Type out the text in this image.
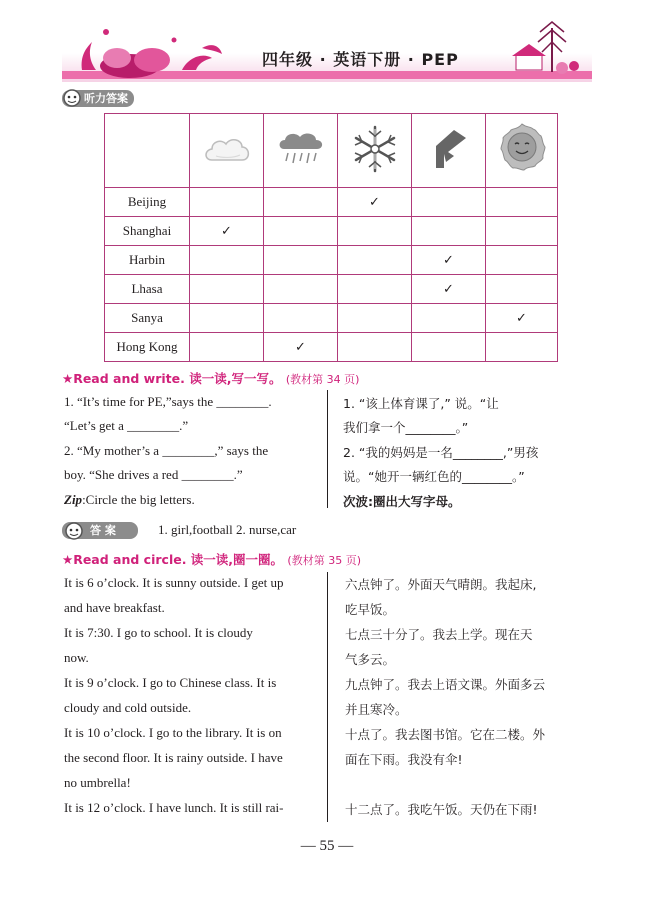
四年级 · 英语下册 · PEP
听力答案

Beijing			✓		
Shanghai	✓				
Harbin				✓	
Lhasa				✓	
Sanya					✓
Hong Kong		✓			
★Read and write. 读一读,写一写。 (教材第 34 页)
1. “It’s time for PE,”says the ________.
“Let’s get a ________.”
2. “My mother’s a ________,” says the
boy. “She drives a red ________.”
Zip:Circle the big letters.
1. “该上体育课了,” 说。“让
我们拿一个________。”
2. “我的妈妈是一名________,”男孩
说。“她开一辆红色的________。”
次波:圈出大写字母。
答 案	1. girl,football 2. nurse,car
★Read and circle. 读一读,圈一圈。 (教材第 35 页)
It is 6 o’clock. It is sunny outside. I get up
and have breakfast.
It is 7:30. I go to school. It is cloudy
now.
It is 9 o’clock. I go to Chinese class. It is
cloudy and cold outside.
It is 10 o’clock. I go to the library. It is on
the second floor. It is rainy outside. I have
no umbrella!
It is 12 o’clock. I have lunch. It is still rai-
六点钟了。外面天气晴朗。我起床,
吃早饭。
七点三十分了。我去上学。现在天
气多云。
九点钟了。我去上语文课。外面多云
并且寒冷。
十点了。我去图书馆。它在二楼。外
面在下雨。我没有伞!
十二点了。我吃午饭。天仍在下雨!
— 55 —
